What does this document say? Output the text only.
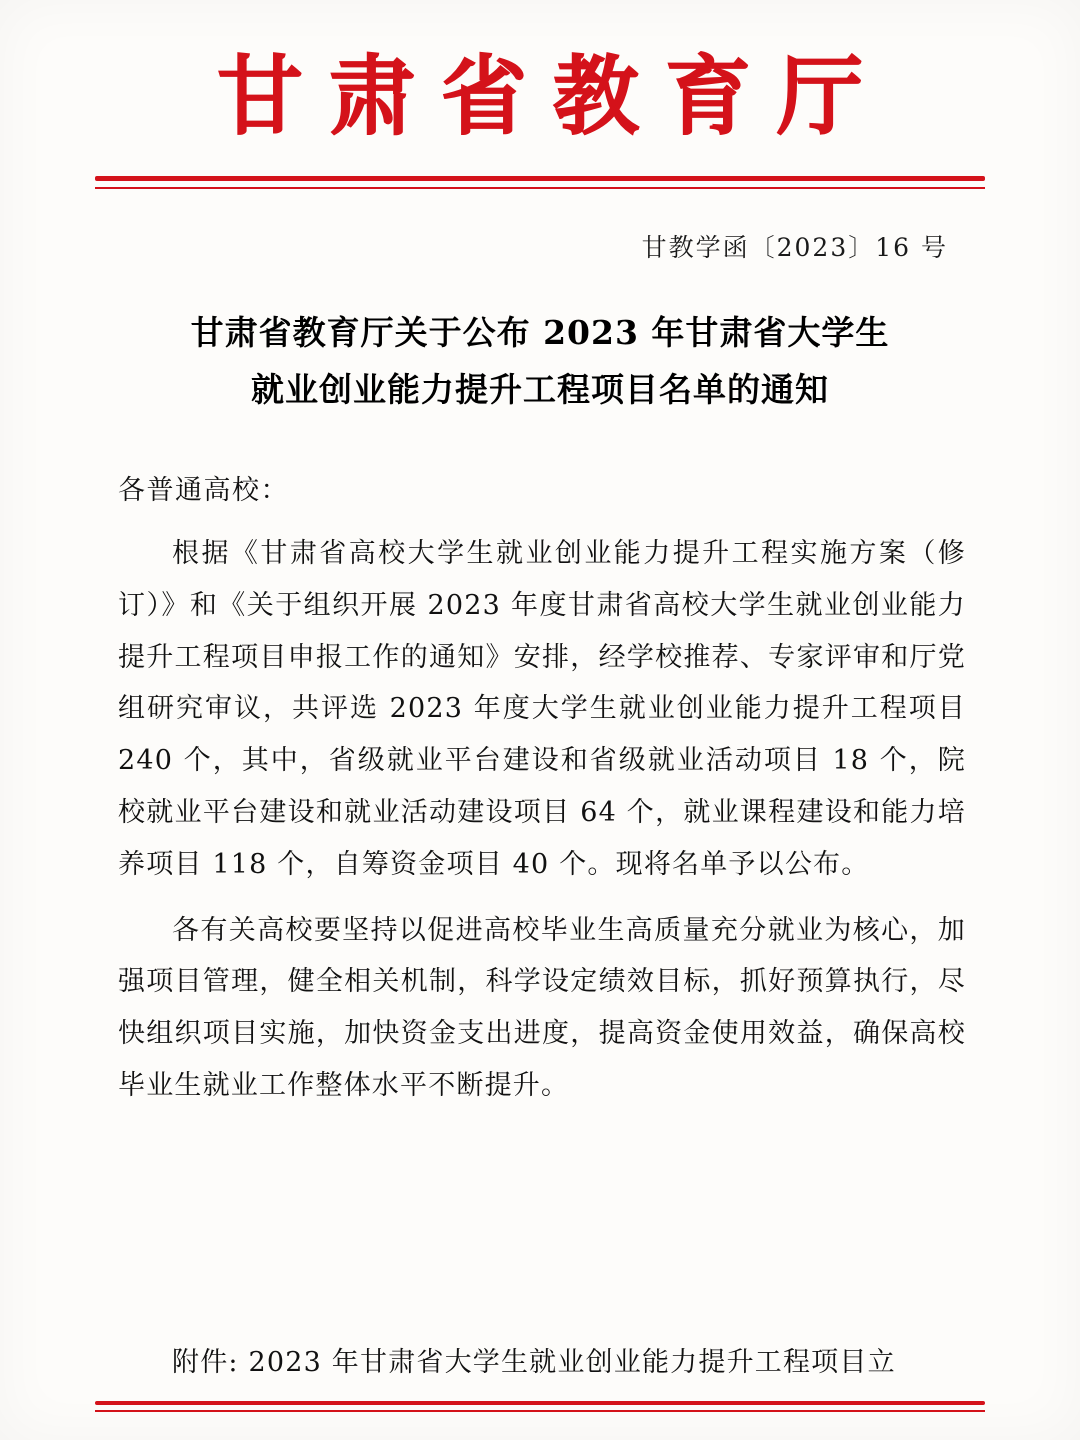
甘肃省教育厅
甘教学函〔2023〕16 号
甘肃省教育厅关于公布 2023 年甘肃省大学生
就业创业能力提升工程项目名单的通知
各普通高校：

根据《甘肃省高校大学生就业创业能力提升工程实施方案（修订）》和《关于组织开展 2023 年度甘肃省高校大学生就业创业能力提升工程项目申报工作的通知》安排，经学校推荐、专家评审和厅党组研究审议，共评选 2023 年度大学生就业创业能力提升工程项目 240 个，其中，省级就业平台建设和省级就业活动项目 18 个，院校就业平台建设和就业活动建设项目 64 个，就业课程建设和能力培养项目 118 个，自筹资金项目 40 个。现将名单予以公布。

各有关高校要坚持以促进高校毕业生高质量充分就业为核心，加强项目管理，健全相关机制，科学设定绩效目标，抓好预算执行，尽快组织项目实施，加快资金支出进度，提高资金使用效益，确保高校毕业生就业工作整体水平不断提升。

附件: 2023 年甘肃省大学生就业创业能力提升工程项目立
